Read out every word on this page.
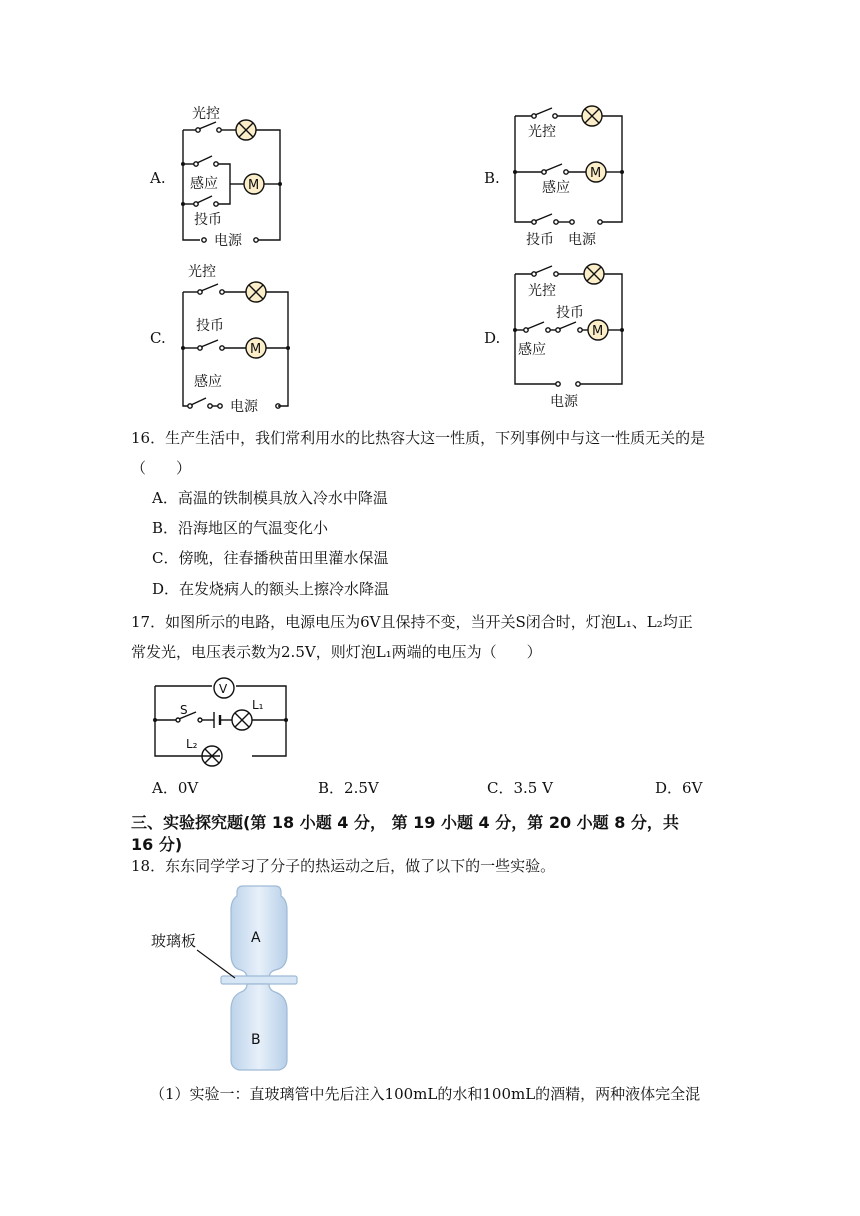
A.
光控
感应 M
投币
电源
B.
光控
M
感应
投币 电源
C.
光控
投币
M
感应
电源
D.
光控
投币
M
感应
电源
16．生产生活中，我们常利用水的比热容大这一性质，下列事例中与这一性质无关的是
（　　）
A．高温的铁制模具放入冷水中降温
B．沿海地区的气温变化小
C．傍晚，往春播秧苗田里灌水保温
D．在发烧病人的额头上擦冷水降温
17．如图所示的电路，电源电压为6V且保持不变，当开关S闭合时，灯泡L₁、L₂均正
常发光，电压表示数为2.5V，则灯泡L₁两端的电压为（　　）
V
S	L₁
L₂
A．0V	B．2.5V	C．3.5 V	D．6V
三、实验探究题(第 18 小题 4 分， 第 19 小题 4 分，第 20 小题 8 分，共
16 分)
18．东东同学学习了分子的热运动之后，做了以下的一些实验。
A
B
玻璃板
（1）实验一：直玻璃管中先后注入100mL的水和100mL的酒精，两种液体完全混
